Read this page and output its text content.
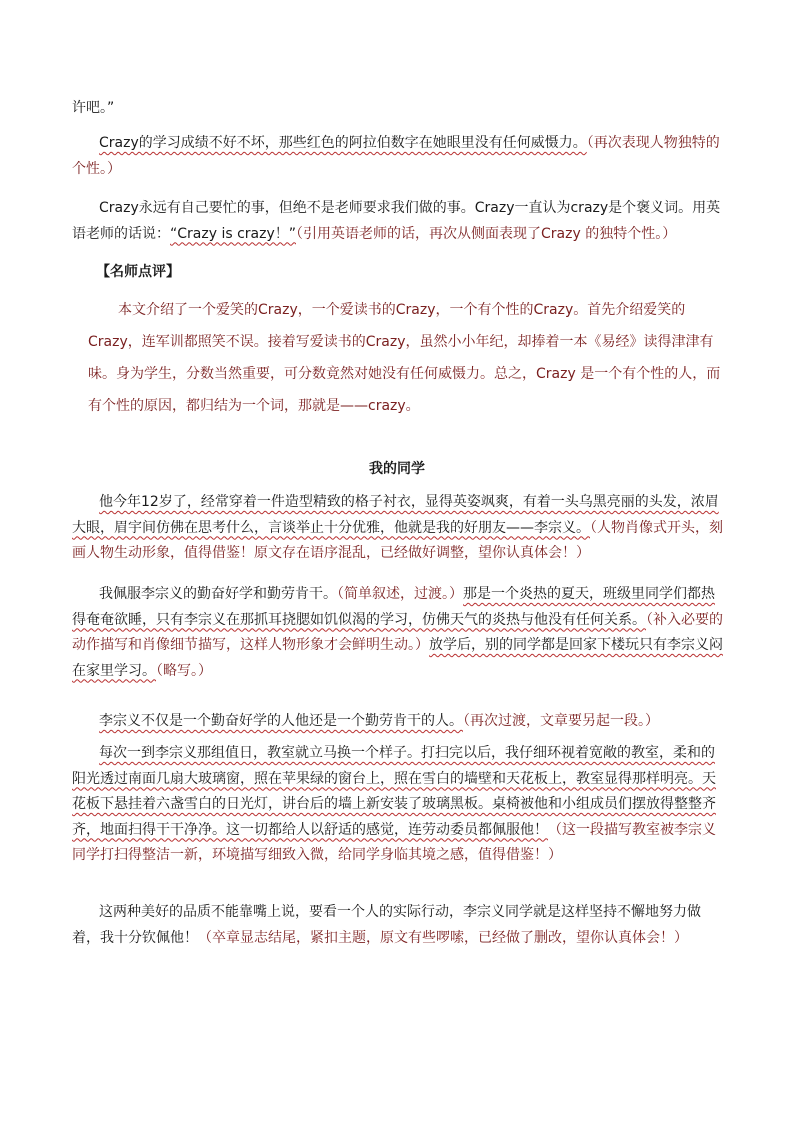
许吧。”
Crazy的学习成绩不好不坏，那些红色的阿拉伯数字在她眼里没有任何威慑力。（再次表现人物独特的个性。）
Crazy永远有自己要忙的事，但绝不是老师要求我们做的事。Crazy一直认为crazy是个褒义词。用英语老师的话说：“Crazy is crazy！”（引用英语老师的话，再次从侧面表现了Crazy 的独特个性。）
【名师点评】
本文介绍了一个爱笑的Crazy，一个爱读书的Crazy，一个有个性的Crazy。首先介绍爱笑的Crazy，连军训都照笑不误。接着写爱读书的Crazy，虽然小小年纪，却捧着一本《易经》读得津津有味。身为学生，分数当然重要，可分数竟然对她没有任何威慑力。总之，Crazy 是一个有个性的人，而有个性的原因，都归结为一个词，那就是——crazy。
我的同学
他今年12岁了，经常穿着一件造型精致的格子衬衣，显得英姿飒爽，有着一头乌黑亮丽的头发，浓眉大眼，眉宇间仿佛在思考什么，言谈举止十分优雅，他就是我的好朋友——李宗义。（人物肖像式开头，刻画人物生动形象，值得借鉴！原文存在语序混乱，已经做好调整，望你认真体会！）
我佩服李宗义的勤奋好学和勤劳肯干。（简单叙述，过渡。）那是一个炎热的夏天，班级里同学们都热得奄奄欲睡，只有李宗义在那抓耳挠腮如饥似渴的学习，仿佛天气的炎热与他没有任何关系。（补入必要的动作描写和肖像细节描写，这样人物形象才会鲜明生动。）放学后，别的同学都是回家下楼玩只有李宗义闷在家里学习。（略写。）
李宗义不仅是一个勤奋好学的人他还是一个勤劳肯干的人。（再次过渡，文章要另起一段。）
每次一到李宗义那组值日，教室就立马换一个样子。打扫完以后，我仔细环视着宽敞的教室，柔和的阳光透过南面几扇大玻璃窗，照在苹果绿的窗台上，照在雪白的墙壁和天花板上，教室显得那样明亮。天花板下悬挂着六盏雪白的日光灯，讲台后的墙上新安装了玻璃黑板。桌椅被他和小组成员们摆放得整整齐齐，地面扫得干干净净。这一切都给人以舒适的感觉，连劳动委员都佩服他！（这一段描写教室被李宗义同学打扫得整洁一新，环境描写细致入微，给同学身临其境之感，值得借鉴！）
这两种美好的品质不能靠嘴上说，要看一个人的实际行动，李宗义同学就是这样坚持不懈地努力做着，我十分钦佩他！（卒章显志结尾，紧扣主题，原文有些啰嗦，已经做了删改，望你认真体会！）
